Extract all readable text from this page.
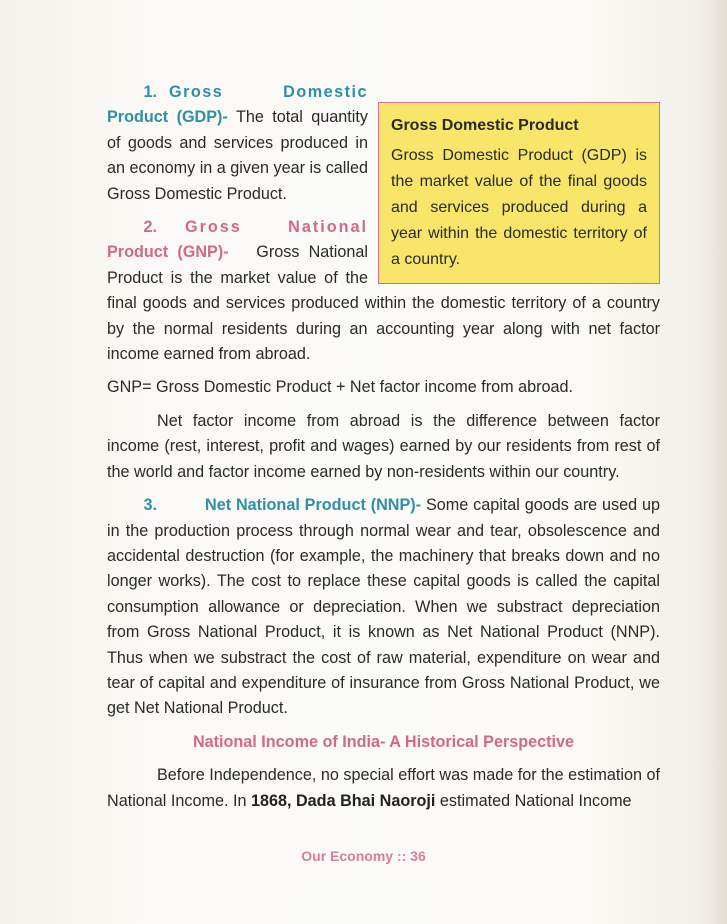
Gross Domestic Product

Gross Domestic Product (GDP) is the market value of the final goods and services produced during a year within the domestic territory of a country.

1. Gross Domestic Product (GDP)- The total quantity of goods and services produced in an economy in a given year is called Gross Domestic Product.

2. Gross National Product (GNP)- Gross National Product is the market value of the final goods and services produced within the domestic territory of a country by the normal residents during an accounting year along with net factor income earned from abroad.

GNP= Gross Domestic Product + Net factor income from abroad.

Net factor income from abroad is the difference between factor income (rest, interest, profit and wages) earned by our residents from rest of the world and factor income earned by non-residents within our country.

3.	Net National Product (NNP)- Some capital goods are used up in the production process through normal wear and tear, obsolescence and accidental destruction (for example, the machinery that breaks down and no longer works). The cost to replace these capital goods is called the capital consumption allowance or depreciation. When we substract depreciation from Gross National Product, it is known as Net National Product (NNP). Thus when we substract the cost of raw material, expenditure on wear and tear of capital and expenditure of insurance from Gross National Product, we get Net National Product.

National Income of India- A Historical Perspective

Before Independence, no special effort was made for the estimation of National Income. In 1868, Dada Bhai Naoroji estimated National Income

Our Economy :: 36
